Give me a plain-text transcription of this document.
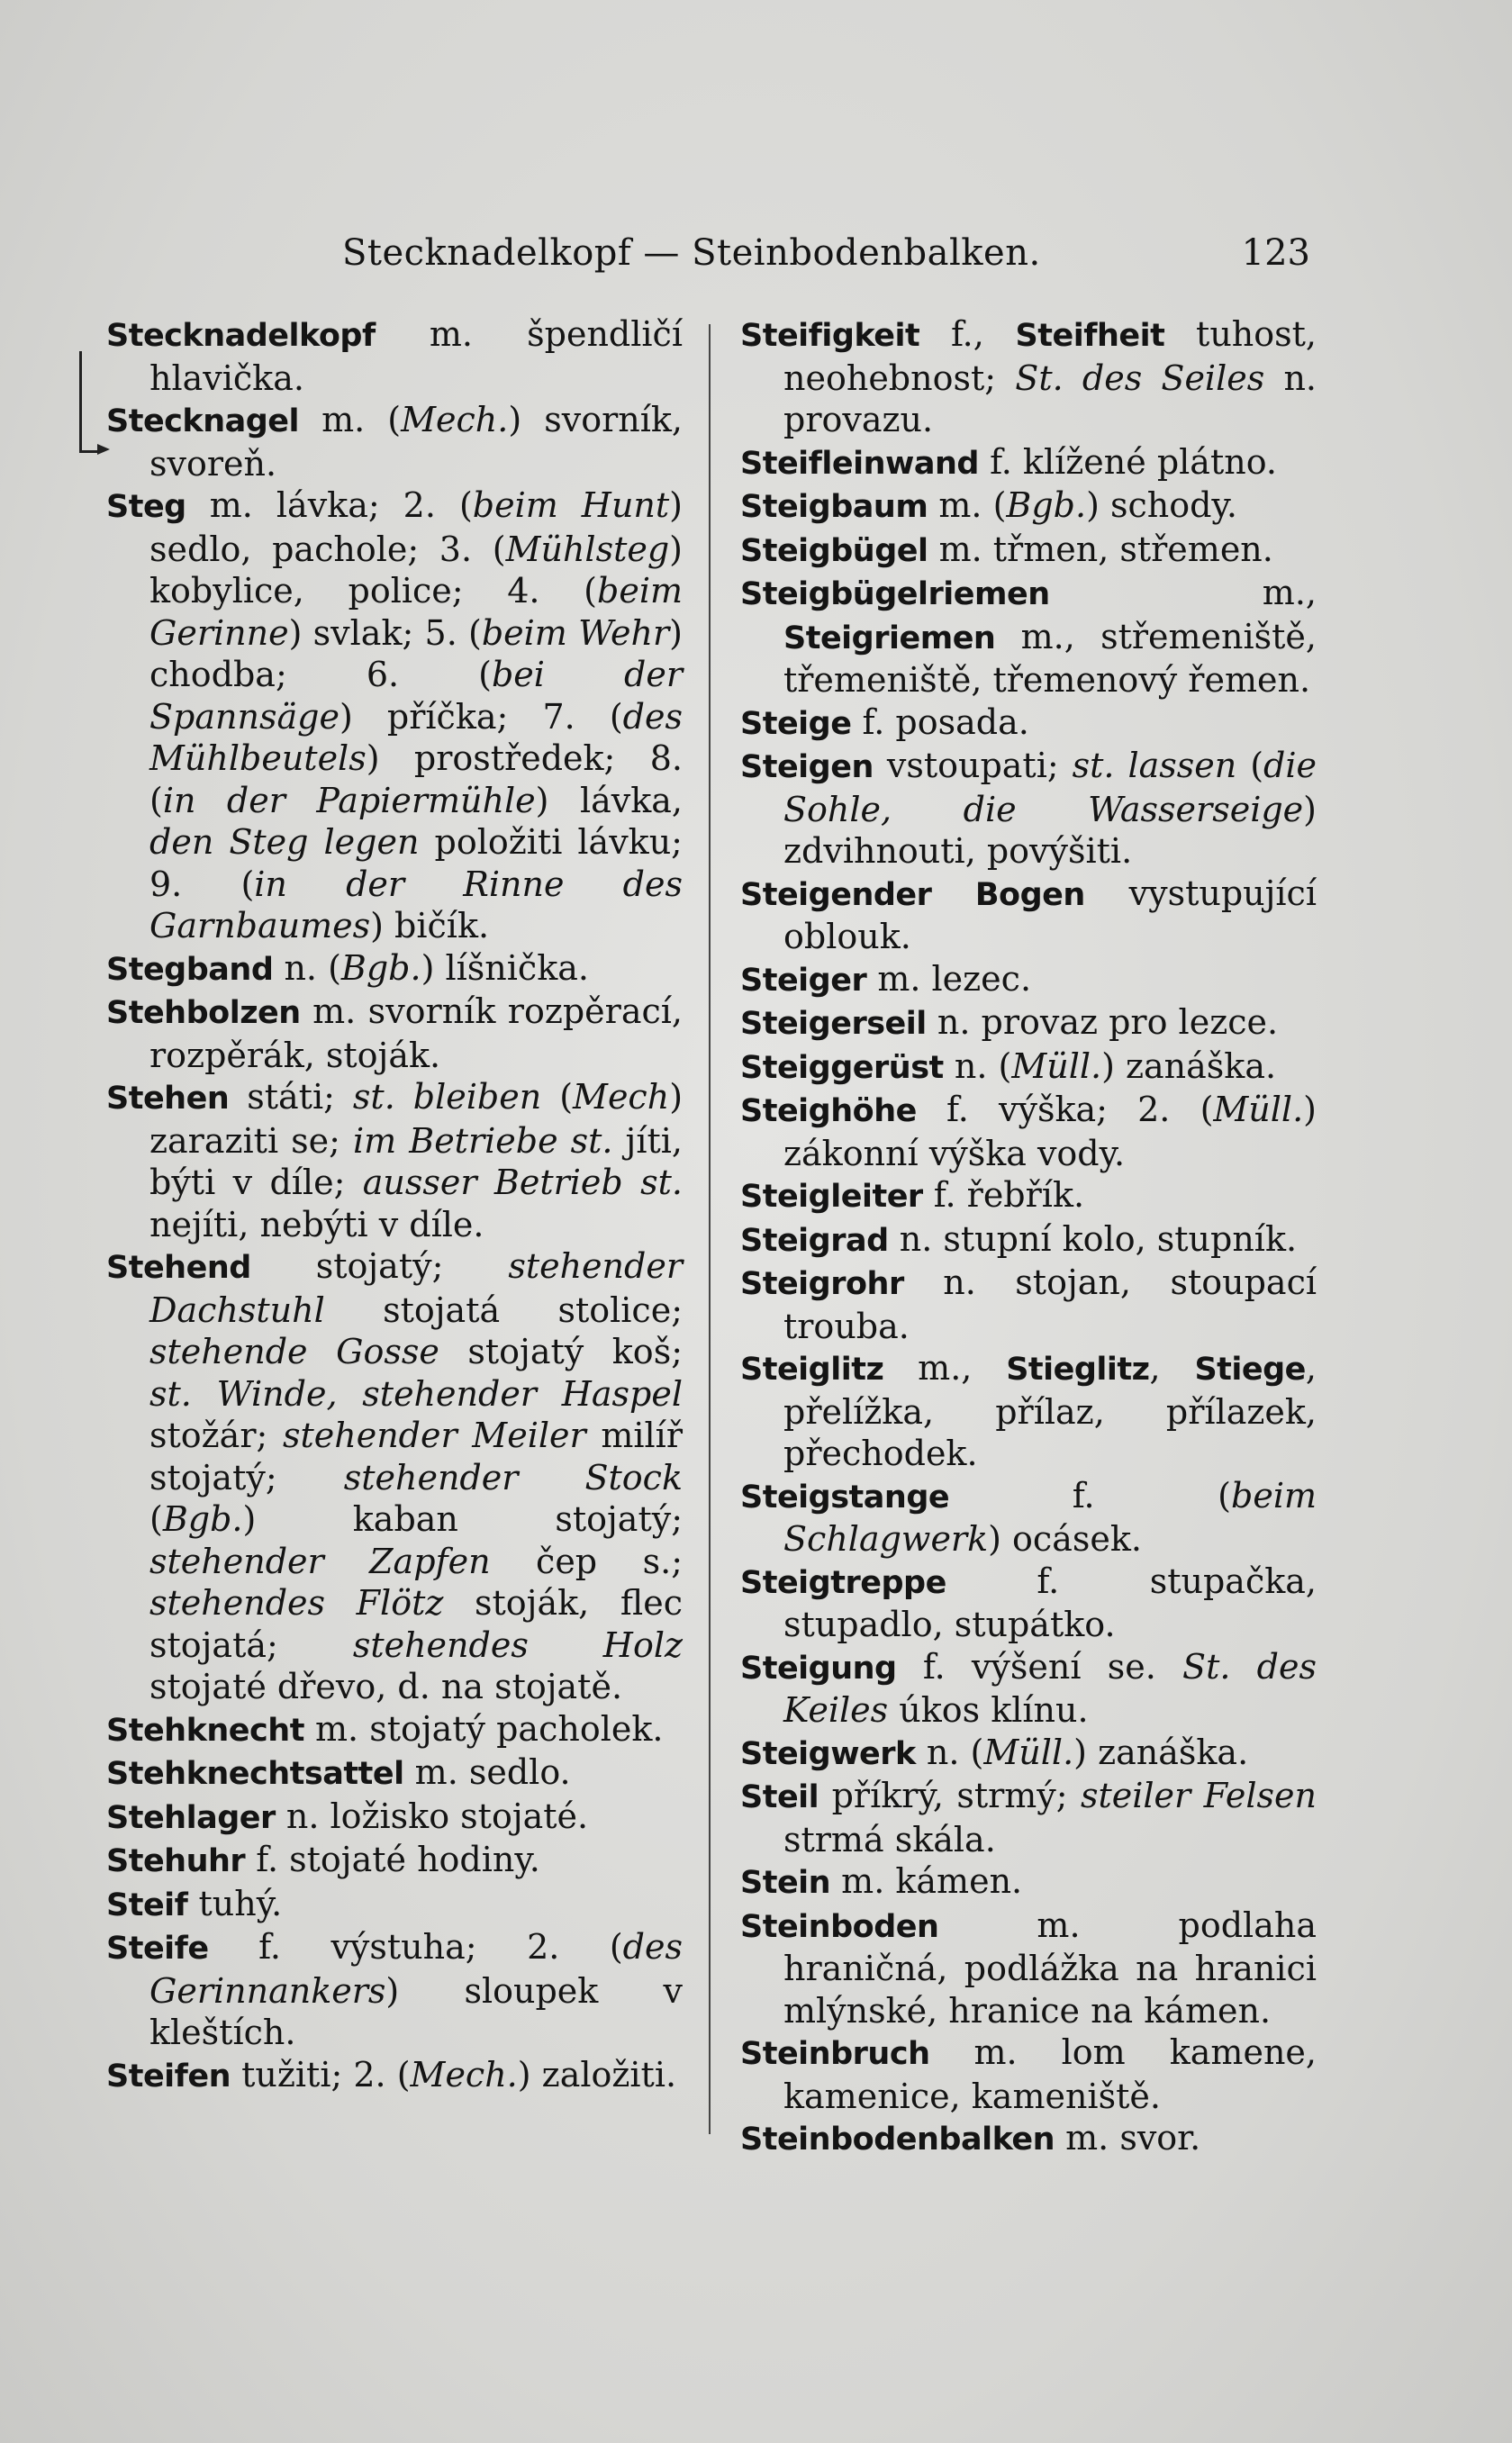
Stecknadelkopf — Steinbodenbalken.	123
Stecknadelkopf m. špendličí hlavička.
Stecknagel m. (Mech.) svorník, svoreň.
Steg m. lávka; 2. (beim Hunt) sedlo, pachole; 3. (Mühlsteg) kobylice, police; 4. (beim Gerinne) svlak; 5. (beim Wehr) chodba; 6. (bei der Spannsäge) příčka; 7. (des Mühlbeutels) prostředek; 8. (in der Papiermühle) lávka, den Steg legen položiti lávku; 9. (in der Rinne des Garnbaumes) bičík.
Stegband n. (Bgb.) líšnička.
Stehbolzen m. svorník rozpěrací, rozpěrák, stoják.
Stehen státi; st. bleiben (Mech) zaraziti se; im Betriebe st. jíti, býti v díle; ausser Betrieb st. nejíti, nebýti v díle.
Stehend stojatý; stehender Dachstuhl stojatá stolice; stehende Gosse stojatý koš; st. Winde, stehender Haspel stožár; stehender Meiler milíř stojatý; stehender Stock (Bgb.) kaban stojatý; stehender Zapfen čep s.; stehendes Flötz stoják, flec stojatá; stehendes Holz stojaté dřevo, d. na stojatě.
Stehknecht m. stojatý pacholek.
Stehknechtsattel m. sedlo.
Stehlager n. ložisko stojaté.
Stehuhr f. stojaté hodiny.
Steif tuhý.
Steife f. výstuha; 2. (des Gerinnankers) sloupek v kleštích.
Steifen tužiti; 2. (Mech.) založiti.
Steifigkeit f., Steifheit tuhost, neohebnost; St. des Seiles n. provazu.
Steifleinwand f. klížené plátno.
Steigbaum m. (Bgb.) schody.
Steigbügel m. třmen, střemen.
Steigbügelriemen m., Steigriemen m., střemeniště, třemeniště, třemenový řemen.
Steige f. posada.
Steigen vstoupati; st. lassen (die Sohle, die Wasserseige) zdvihnouti, povýšiti.
Steigender Bogen vystupující oblouk.
Steiger m. lezec.
Steigerseil n. provaz pro lezce.
Steiggerüst n. (Müll.) zanáška.
Steighöhe f. výška; 2. (Müll.) zákonní výška vody.
Steigleiter f. řebřík.
Steigrad n. stupní kolo, stupník.
Steigrohr n. stojan, stoupací trouba.
Steiglitz m., Stieglitz, Stiege, přelížka, přílaz, přílazek, přechodek.
Steigstange f. (beim Schlagwerk) ocásek.
Steigtreppe f. stupačka, stupadlo, stupátko.
Steigung f. výšení se. St. des Keiles úkos klínu.
Steigwerk n. (Müll.) zanáška.
Steil příkrý, strmý; steiler Felsen strmá skála.
Stein m. kámen.
Steinboden m. podlaha hraničná, podlážka na hranici mlýnské, hranice na kámen.
Steinbruch m. lom kamene, kamenice, kameniště.
Steinbodenbalken m. svor.
